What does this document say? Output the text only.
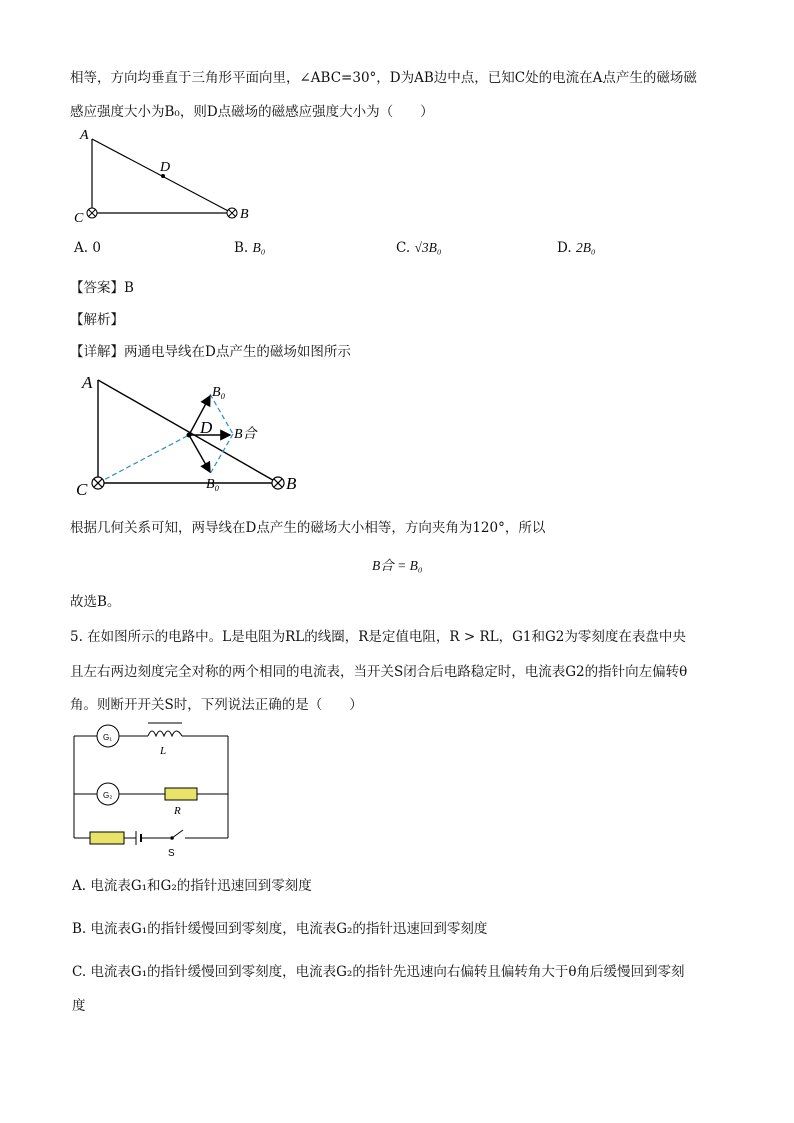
相等，方向均垂直于三角形平面向里，∠ABC=30°，D为AB边中点，已知C处的电流在A点产生的磁场磁
感应强度大小为B₀，则D点磁场的磁感应强度大小为（　　）
A
D
C	B
A. 0	B. B₀	C. √3B₀	D. 2B₀
【答案】B
【解析】
【详解】两通电导线在D点产生的磁场如图所示
A
D
C	B
B₀
B合
B₀
根据几何关系可知，两导线在D点产生的磁场大小相等，方向夹角为120°，所以
B合 = B₀
故选B。
5. 在如图所示的电路中。L是电阻为RL的线圈，R是定值电阻，R > RL，G1和G2为零刻度在表盘中央
且左右两边刻度完全对称的两个相同的电流表，当开关S闭合后电路稳定时，电流表G2的指针向左偏转θ
角。则断开开关S时，下列说法正确的是（　　）
G₁
G₂
L
R
S
A. 电流表G₁和G₂的指针迅速回到零刻度
B. 电流表G₁的指针缓慢回到零刻度，电流表G₂的指针迅速回到零刻度
C. 电流表G₁的指针缓慢回到零刻度，电流表G₂的指针先迅速向右偏转且偏转角大于θ角后缓慢回到零刻
度
